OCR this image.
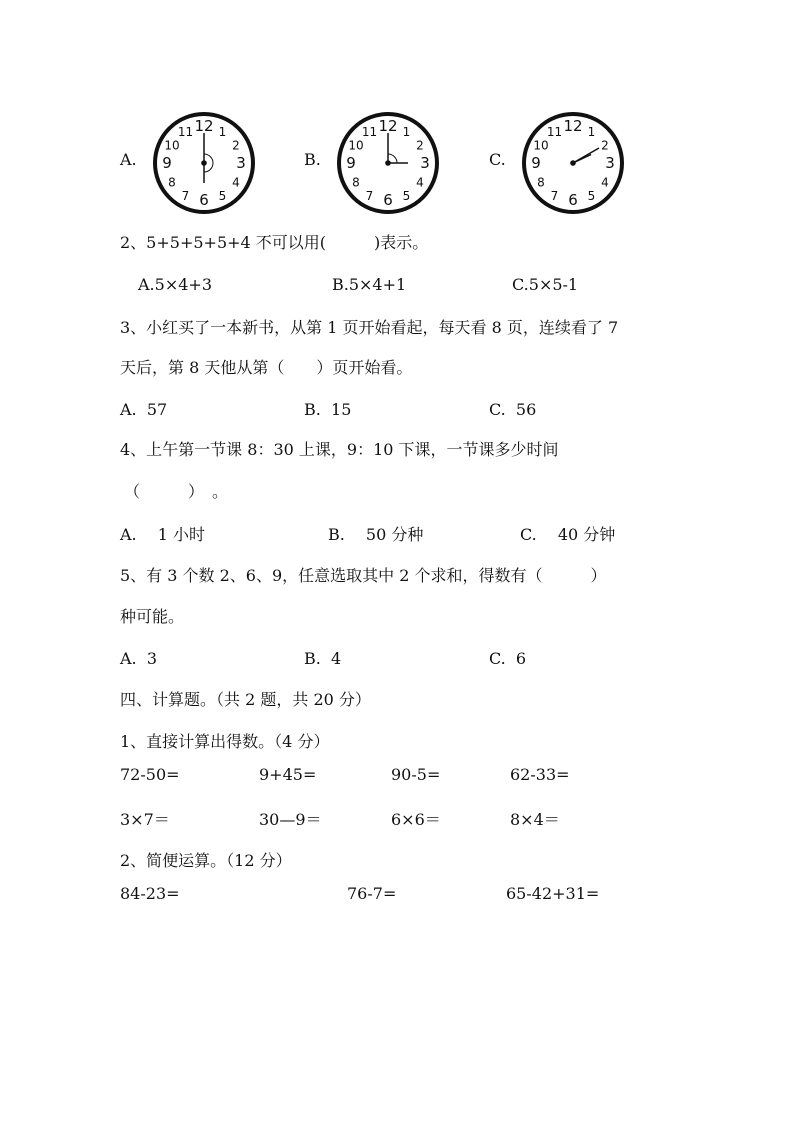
A.	B.	C.
12 1
2
3
4
5
6
7
8
9
10
11	12 1
2
3
4
5
6
7
8
9
10
11	12 1
2
3
4
5
6
7
8
9
10
11
2、5+5+5+5+4 不可以用(　　　)表示。
A.5×4+3	B.5×4+1	C.5×5-1
3、小红买了一本新书，从第 1 页开始看起，每天看 8 页，连续看了 7
天后，第 8 天他从第（　　）页开始看。
A.  57	B.  15	C.  56
4、上午第一节课 8：30 上课，9：10 下课，一节课多少时间
（　　　）　。
A.　 1 小时	B.　 50 分种	C.　 40 分钟
5、有 3 个数 2、6、9，任意选取其中 2 个求和，得数有（　　　）
种可能。
A.  3	B.  4	C.  6
四、计算题。（共 2 题，共 20 分）
1、直接计算出得数。（4 分）
72-50=	9+45=	90-5=	62-33=
3×7＝	30—9＝	6×6＝	8×4＝
2、简便运算。（12 分）
84-23=	76-7=	65-42+31=
